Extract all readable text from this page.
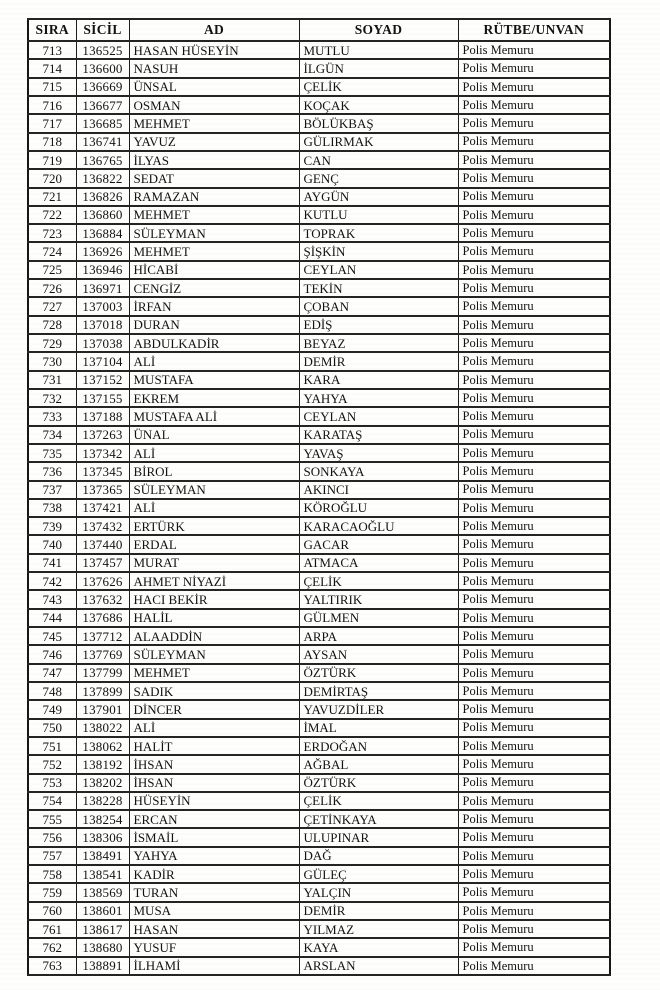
SIRA	SİCİL	AD	SOYAD	RÜTBE/UNVAN
713	136525	HASAN HÜSEYİN	MUTLU	Polis Memuru
714	136600	NASUH	İLGÜN	Polis Memuru
715	136669	ÜNSAL	ÇELİK	Polis Memuru
716	136677	OSMAN	KOÇAK	Polis Memuru
717	136685	MEHMET	BÖLÜKBAŞ	Polis Memuru
718	136741	YAVUZ	GÜLIRMAK	Polis Memuru
719	136765	İLYAS	CAN	Polis Memuru
720	136822	SEDAT	GENÇ	Polis Memuru
721	136826	RAMAZAN	AYGÜN	Polis Memuru
722	136860	MEHMET	KUTLU	Polis Memuru
723	136884	SÜLEYMAN	TOPRAK	Polis Memuru
724	136926	MEHMET	ŞİŞKİN	Polis Memuru
725	136946	HİCABİ	CEYLAN	Polis Memuru
726	136971	CENGİZ	TEKİN	Polis Memuru
727	137003	İRFAN	ÇOBAN	Polis Memuru
728	137018	DURAN	EDİŞ	Polis Memuru
729	137038	ABDULKADİR	BEYAZ	Polis Memuru
730	137104	ALİ	DEMİR	Polis Memuru
731	137152	MUSTAFA	KARA	Polis Memuru
732	137155	EKREM	YAHYA	Polis Memuru
733	137188	MUSTAFA ALİ	CEYLAN	Polis Memuru
734	137263	ÜNAL	KARATAŞ	Polis Memuru
735	137342	ALİ	YAVAŞ	Polis Memuru
736	137345	BİROL	SONKAYA	Polis Memuru
737	137365	SÜLEYMAN	AKINCI	Polis Memuru
738	137421	ALİ	KÖROĞLU	Polis Memuru
739	137432	ERTÜRK	KARACAOĞLU	Polis Memuru
740	137440	ERDAL	GACAR	Polis Memuru
741	137457	MURAT	ATMACA	Polis Memuru
742	137626	AHMET NİYAZİ	ÇELİK	Polis Memuru
743	137632	HACI BEKİR	YALTIRIK	Polis Memuru
744	137686	HALİL	GÜLMEN	Polis Memuru
745	137712	ALAADDİN	ARPA	Polis Memuru
746	137769	SÜLEYMAN	AYSAN	Polis Memuru
747	137799	MEHMET	ÖZTÜRK	Polis Memuru
748	137899	SADIK	DEMİRTAŞ	Polis Memuru
749	137901	DİNCER	YAVUZDİLER	Polis Memuru
750	138022	ALİ	İMAL	Polis Memuru
751	138062	HALİT	ERDOĞAN	Polis Memuru
752	138192	İHSAN	AĞBAL	Polis Memuru
753	138202	İHSAN	ÖZTÜRK	Polis Memuru
754	138228	HÜSEYİN	ÇELİK	Polis Memuru
755	138254	ERCAN	ÇETİNKAYA	Polis Memuru
756	138306	İSMAİL	ULUPINAR	Polis Memuru
757	138491	YAHYA	DAĞ	Polis Memuru
758	138541	KADİR	GÜLEÇ	Polis Memuru
759	138569	TURAN	YALÇIN	Polis Memuru
760	138601	MUSA	DEMİR	Polis Memuru
761	138617	HASAN	YILMAZ	Polis Memuru
762	138680	YUSUF	KAYA	Polis Memuru
763	138891	İLHAMİ	ARSLAN	Polis Memuru
